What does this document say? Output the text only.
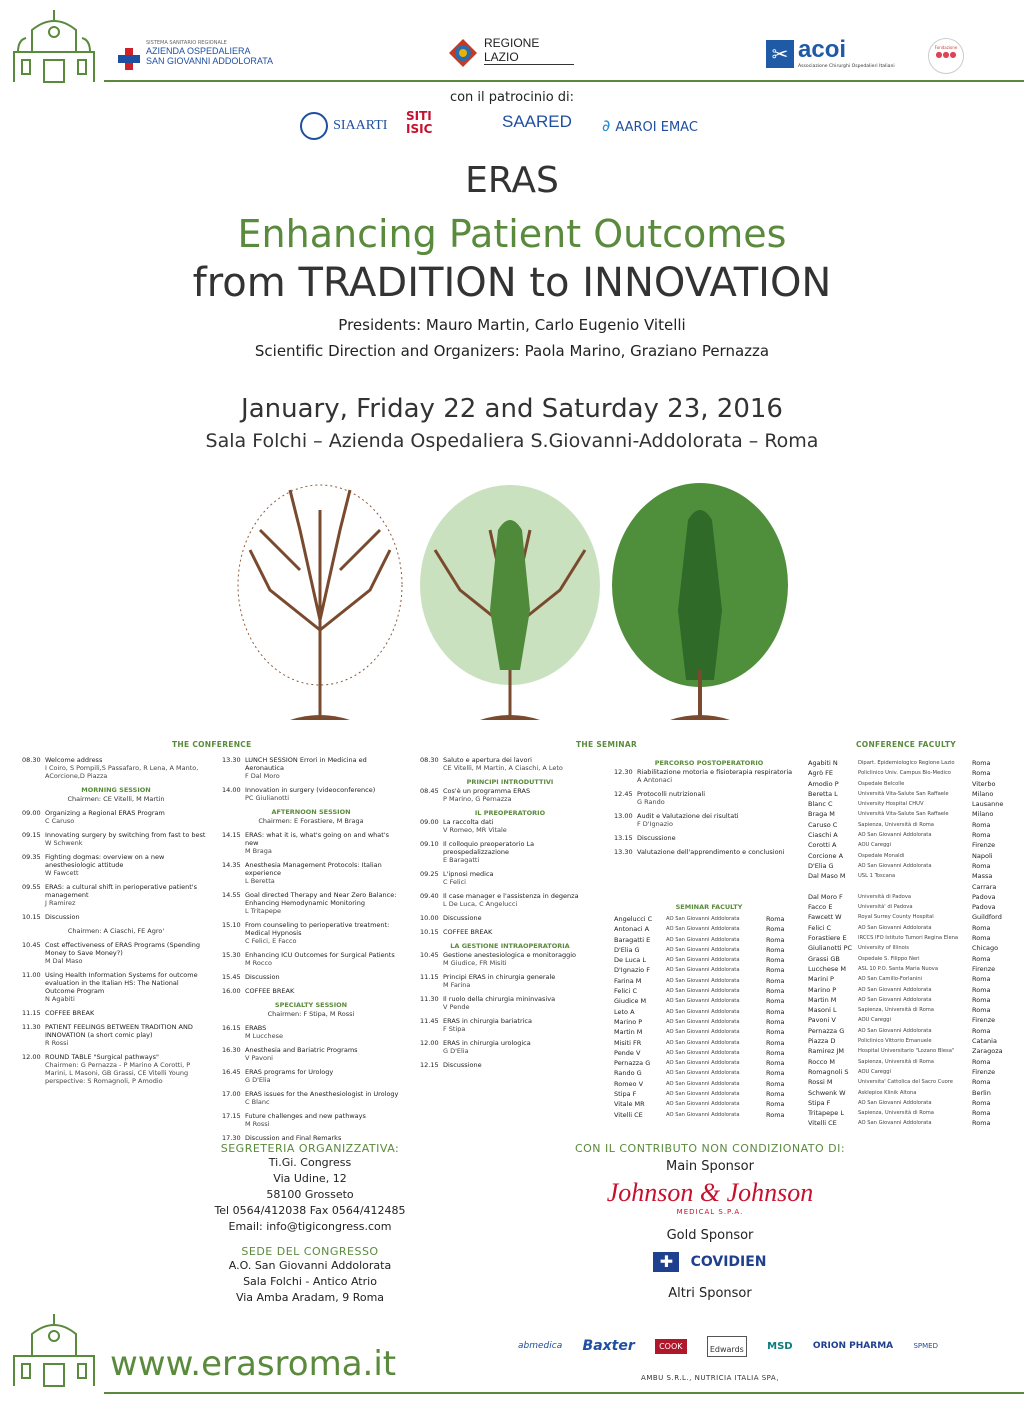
SISTEMA SANITARIO REGIONALE
AZIENDA OSPEDALIERA
SAN GIOVANNI ADDOLORATA
REGIONE
LAZIO	✂ acoi
Associazione Chirurghi Ospedalieri Italiani
Fondazione
●●●
con il patrocinio di:
SIAARTI
SITI
ISIC	SAARED ∂ AAROI EMAC
ERAS
Enhancing Patient Outcomes
from TRADITION to INNOVATION
Presidents: Mauro Martin, Carlo Eugenio Vitelli
Scientific Direction and Organizers: Paola Marino, Graziano Pernazza
January, Friday 22 and Saturday 23, 2016
Sala Folchi – Azienda Ospedaliera S.Giovanni-Addolorata – Roma
THE CONFERENCE
08.30 Welcome address
I Coiro, S Pompili,S Passafaro, R Lena, A Manto, ACorcione,D Piazza
MORNING SESSION
Chairmen: CE Vitelli, M Martin
09.00 Organizing a Regional ERAS Program
C Caruso
09.15 Innovating surgery by switching from fast to best
W Schwenk
09.35 Fighting dogmas: overview on a new anesthesiologic attitude
W Fawcett
09.55 ERAS: a cultural shift in perioperative patient's management
J Ramirez
10.15 Discussion
Chairmen: A Ciaschi, FE Agro'
10.45 Cost effectiveness of ERAS Programs (Spending Money to Save Money?)
M Dal Maso
11.00 Using Health Information Systems for outcome evaluation in the Italian HS: The National Outcome Program
N Agabiti
11.15 COFFEE BREAK
11.30 PATIENT FEELINGS BETWEEN TRADITION AND INNOVATION (a short comic play)
R Rossi
12.00 ROUND TABLE "Surgical pathways"
Chairmen: G Pernazza - P Marino A Corotti, P Marini, L Masoni, GB Grassi, CE Vitelli Young perspective: S Romagnoli, P Amodio
13.30 LUNCH SESSION Errori in Medicina ed Aeronautica
F Dal Moro
14.00 Innovation in surgery (videoconference)
PC Giulianotti
AFTERNOON SESSION
Chairmen: E Forastiere, M Braga
14.15 ERAS: what it is, what's going on and what's new
M Braga
14.35 Anesthesia Management Protocols: Italian experience
L Beretta
14.55 Goal directed Therapy and Near Zero Balance: Enhancing Hemodynamic Monitoring
L Tritapepe
15.10 From counseling to perioperative treatment: Medical Hypnosis
C Felici, E Facco
15.30 Enhancing ICU Outcomes for Surgical Patients
M Rocco
15.45 Discussion
16.00 COFFEE BREAK
SPECIALTY SESSION
Chairmen: F Stipa, M Rossi
16.15 ERABS
M Lucchese
16.30 Anesthesia and Bariatric Programs
V Pavoni
16.45 ERAS programs for Urology
G D'Elia
17.00 ERAS issues for the Anesthesiologist in Urology
C Blanc
17.15 Future challenges and new pathways
M Rossi
17.30 Discussion and Final Remarks
THE SEMINAR
08.30 Saluto e apertura dei lavori
CE Vitelli, M Martin, A Ciaschi, A Leto
PRINCIPI INTRODUTTIVI
08.45 Cos'è un programma ERAS
P Marino, G Pernazza
IL PREOPERATORIO
09.00 La raccolta dati
V Romeo, MR Vitale
09.10 Il colloquio preoperatorio La preospedalizzazione
E Baragatti
09.25 L'ipnosi medica
C Felici
09.40 Il case manager e l'assistenza in degenza
L De Luca, C Angelucci
10.00 Discussione
10.15 COFFEE BREAK
LA GESTIONE INTRAOPERATORIA
10.45 Gestione anestesiologica e monitoraggio
M Giudice, FR Misiti
11.15 Principi ERAS in chirurgia generale
M Farina
11.30 Il ruolo della chirurgia mininvasiva
V Pende
11.45 ERAS in chirurgia bariatrica
F Stipa
12.00 ERAS in chirurgia urologica
G D'Elia
12.15 Discussione
PERCORSO POSTOPERATORIO
12.30 Riabilitazione motoria e fisioterapia respiratoria
A Antonaci
12.45 Protocolli nutrizionali
G Rando
13.00 Audit e Valutazione dei risultati
F D'Ignazio
13.15 Discussione
13.30 Valutazione dell'apprendimento e conclusioni
SEMINAR FACULTY
Angelucci C	AO San Giovanni Addolorata	Roma
Antonaci A	AO San Giovanni Addolorata	Roma
Baragatti E	AO San Giovanni Addolorata	Roma
D'Elia G	AO San Giovanni Addolorata	Roma
De Luca L	AO San Giovanni Addolorata	Roma
D'Ignazio F	AO San Giovanni Addolorata	Roma
Farina M	AO San Giovanni Addolorata	Roma
Felici C	AO San Giovanni Addolorata	Roma
Giudice M	AO San Giovanni Addolorata	Roma
Leto A	AO San Giovanni Addolorata	Roma
Marino P	AO San Giovanni Addolorata	Roma
Martin M	AO San Giovanni Addolorata	Roma
Misiti FR	AO San Giovanni Addolorata	Roma
Pende V	AO San Giovanni Addolorata	Roma
Pernazza G	AO San Giovanni Addolorata	Roma
Rando G	AO San Giovanni Addolorata	Roma
Romeo V	AO San Giovanni Addolorata	Roma
Stipa F	AO San Giovanni Addolorata	Roma
Vitale MR	AO San Giovanni Addolorata	Roma
Vitelli CE	AO San Giovanni Addolorata	Roma
CONFERENCE FACULTY
Agabiti N	Dipart. Epidemiologico Regione Lazio	Roma
Agrò FE	Policlinico Univ. Campus Bio-Medico	Roma
Amodio P	Ospedale Belcolle	Viterbo
Beretta L	Università Vita-Salute San Raffaele	Milano
Blanc C	University Hospital CHUV	Lausanne
Braga M	Università Vita-Salute San Raffaele	Milano
Caruso C	Sapienza, Università di Roma	Roma
Ciaschi A	AO San Giovanni Addolorata	Roma
Corotti A	AOU Careggi	Firenze
Corcione A	Ospedale Monaldi	Napoli
D'Elia G	AO San Giovanni Addolorata	Roma
Dal Maso M	USL 1 Toscana	Massa Carrara
Dal Moro F	Università di Padova	Padova
Facco E	Università' di Padova	Padova
Fawcett W	Royal Surrey County Hospital	Guildford
Felici C	AO San Giovanni Addolorata	Roma
Forastiere E	IRCCS IFO Istituto Tumori Regina Elena	Roma
Giulianotti PC	University of Illinois	Chicago
Grassi GB	Ospedale S. Filippo Neri	Roma
Lucchese M	ASL 10 P.O. Santa Maria Nuova	Firenze
Marini P	AO San Camillo-Forlanini	Roma
Marino P	AO San Giovanni Addolorata	Roma
Martin M	AO San Giovanni Addolorata	Roma
Masoni L	Sapienza, Università di Roma	Roma
Pavoni V	AOU Careggi	Firenze
Pernazza G	AO San Giovanni Addolorata	Roma
Piazza D	Policlinico Vittorio Emanuele	Catania
Ramirez JM	Hospital Universitario "Lozano Blesa"	Zaragoza
Rocco M	Sapienza, Università di Roma	Roma
Romagnoli S	AOU Careggi	Firenze
Rossi M	Universita' Cattolica del Sacro Cuore	Roma
Schwenk W	Asklepios Klinik Altona	Berlin
Stipa F	AO San Giovanni Addolorata	Roma
Tritapepe L	Sapienza, Università di Roma	Roma
Vitelli CE	AO San Giovanni Addolorata	Roma
SEGRETERIA ORGANIZZATIVA:
Ti.Gi. Congress
Via Udine, 12
58100 Grosseto
Tel 0564/412038 Fax 0564/412485
Email: info@tigicongress.com
SEDE DEL CONGRESSO
A.O. San Giovanni Addolorata
Sala Folchi - Antico Atrio
Via Amba Aradam, 9 Roma
CON IL CONTRIBUTO NON CONDIZIONATO DI:
Main Sponsor
Johnson & Johnson
MEDICAL S.P.A.
Gold Sponsor
✚ COVIDIEN
Altri Sponsor
abmedica Baxter	COOK	Edwards	MSD ORION PHARMA	SPMED
AMBU S.R.L., NUTRICIA ITALIA SPA,
www.erasroma.it
